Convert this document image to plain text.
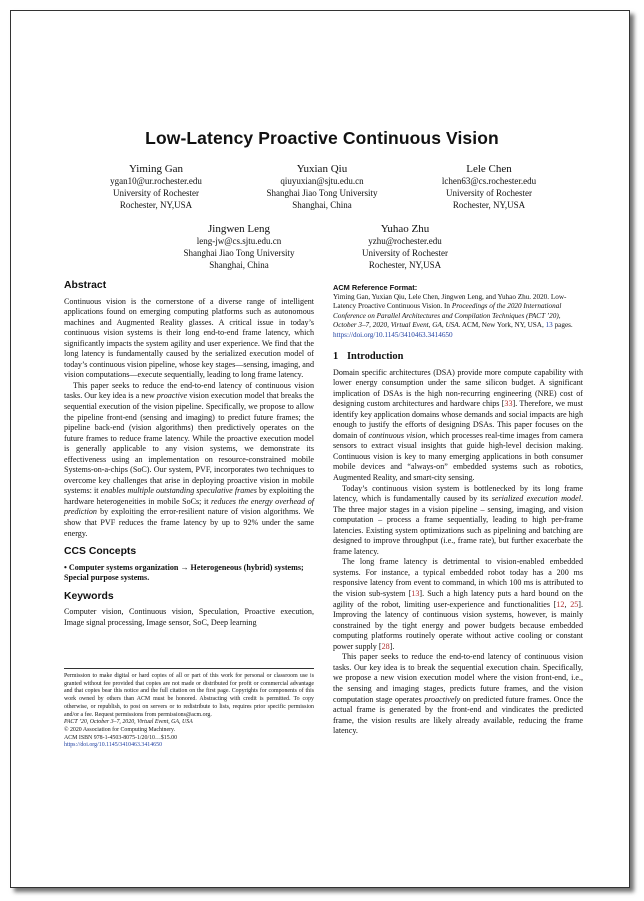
Low-Latency Proactive Continuous Vision
Yiming Gan
ygan10@ur.rochester.edu
University of Rochester
Rochester, NY,USA
Yuxian Qiu
qiuyuxian@sjtu.edu.cn
Shanghai Jiao Tong University
Shanghai, China
Lele Chen
lchen63@cs.rochester.edu
University of Rochester
Rochester, NY,USA
Jingwen Leng
leng-jw@cs.sjtu.edu.cn
Shanghai Jiao Tong University
Shanghai, China
Yuhao Zhu
yzhu@rochester.edu
University of Rochester
Rochester, NY,USA
Abstract

Continuous vision is the cornerstone of a diverse range of intelligent applications found on emerging computing platforms such as autonomous machines and Augmented Reality glasses. A critical issue in today’s continuous vision systems is their long end-to-end frame latency, which significantly impacts the system agility and user experience. We find that the long latency is fundamentally caused by the serialized execution model of today’s continuous vision pipeline, whose key stages—sensing, imaging, and vision computations—execute sequentially, leading to long frame latency.

This paper seeks to reduce the end-to-end latency of continuous vision tasks. Our key idea is a new proactive vision execution model that breaks the sequential execution of the vision pipeline. Specifically, we propose to allow the pipeline front-end (sensing and imaging) to predict future frames; the pipeline back-end (vision algorithms) then predictively operates on the future frames to reduce frame latency. While the proactive execution model is generally applicable to any vision systems, we demonstrate its effectiveness using an implementation on resource-constrained mobile Systems-on-a-chips (SoC). Our system, PVF, incorporates two techniques to overcome key challenges that arise in deploying proactive vision in mobile systems: it enables multiple outstanding speculative frames by exploiting the hardware heterogeneities in mobile SoCs; it reduces the energy overhead of prediction by exploiting the error-resilient nature of vision algorithms. We show that PVF reduces the frame latency by up to 92% under the same energy.

CCS Concepts

• Computer systems organization → Heterogeneous (hybrid) systems; Special purpose systems.

Keywords

Computer vision, Continuous vision, Speculation, Proactive execution, Image signal processing, Image sensor, SoC, Deep learning

Permission to make digital or hard copies of all or part of this work for personal or classroom use is granted without fee provided that copies are not made or distributed for profit or commercial advantage and that copies bear this notice and the full citation on the first page. Copyrights for components of this work owned by others than ACM must be honored. Abstracting with credit is permitted. To copy otherwise, or republish, to post on servers or to redistribute to lists, requires prior specific permission and/or a fee. Request permissions from permissions@acm.org.

PACT ’20, October 3–7, 2020, Virtual Event, GA, USA

© 2020 Association for Computing Machinery.

ACM ISBN 978-1-4503-8075-1/20/10…$15.00

https://doi.org/10.1145/3410463.3414650

ACM Reference Format:

Yiming Gan, Yuxian Qiu, Lele Chen, Jingwen Leng, and Yuhao Zhu. 2020. Low-Latency Proactive Continuous Vision. In Proceedings of the 2020 International Conference on Parallel Architectures and Compilation Techniques (PACT ’20), October 3–7, 2020, Virtual Event, GA, USA. ACM, New York, NY, USA, 13 pages. https://doi.org/10.1145/3410463.3414650

1 Introduction

Domain specific architectures (DSA) provide more compute capability with lower energy consumption under the same silicon budget. A significant implication of DSAs is the high non-recurring engineering (NRE) cost of designing custom architectures and hardware chips [33]. Therefore, we must identify key application domains whose demands and social impacts are high enough to justify the efforts of designing DSAs. This paper focuses on the domain of continuous vision, which processes real-time images from camera sensors to extract visual insights that guide high-level decision making. Continuous vision is key to many emerging applications in both consumer mobile devices and “always-on” embedded systems such as robotics, Augmented Reality, and smart-city sensing.

Today’s continuous vision system is bottlenecked by its long frame latency, which is fundamentally caused by its serialized execution model. The three major stages in a vision pipeline – sensing, imaging, and vision computation – process a frame sequentially, leading to high per-frame latencies. Existing system optimizations such as pipelining and batching are designed to improve throughput (i.e., frame rate), but further exacerbate the frame latency.

The long frame latency is detrimental to vision-enabled embedded systems. For instance, a typical embedded robot today has a 200 ms responsive latency from event to command, in which 100 ms is attributed to the vision sub-system [13]. Such a high latency puts a hard bound on the agility of the robot, limiting user-experience and functionalities [12, 25]. Improving the latency of continuous vision systems, however, is mainly constrained by the tight energy and power budgets because embedded computing platforms routinely operate without active cooling or constant power supply [28].

This paper seeks to reduce the end-to-end latency of continuous vision tasks. Our key idea is to break the sequential execution chain. Specifically, we propose a new vision execution model where the vision front-end, i.e., the sensing and imaging stages, predicts future frames, and the vision computation stage operates proactively on predicted future frames. Once the actual frame is generated by the front-end and vindicates the predicted frame, the vision results are likely already available, reducing the frame latency.
